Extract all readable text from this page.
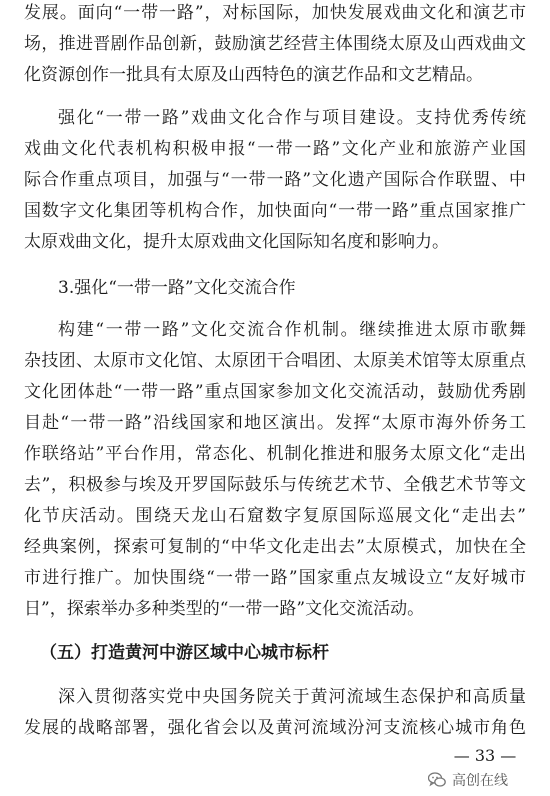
发展。面向“一带一路”，对标国际，加快发展戏曲文化和演艺市
场，推进晋剧作品创新，鼓励演艺经营主体围绕太原及山西戏曲文
化资源创作一批具有太原及山西特色的演艺作品和文艺精品。
强化“一带一路”戏曲文化合作与项目建设。支持优秀传统
戏曲文化代表机构积极申报“一带一路”文化产业和旅游产业国
际合作重点项目，加强与“一带一路”文化遗产国际合作联盟、中
国数字文化集团等机构合作，加快面向“一带一路”重点国家推广
太原戏曲文化，提升太原戏曲文化国际知名度和影响力。
3.强化“一带一路”文化交流合作
构建“一带一路”文化交流合作机制。继续推进太原市歌舞
杂技团、太原市文化馆、太原团干合唱团、太原美术馆等太原重点
文化团体赴“一带一路”重点国家参加文化交流活动，鼓励优秀剧
目赴“一带一路”沿线国家和地区演出。发挥“太原市海外侨务工
作联络站”平台作用，常态化、机制化推进和服务太原文化“走出
去”，积极参与埃及开罗国际鼓乐与传统艺术节、全俄艺术节等文
化节庆活动。围绕天龙山石窟数字复原国际巡展文化“走出去”
经典案例，探索可复制的“中华文化走出去”太原模式，加快在全
市进行推广。加快围绕“一带一路”国家重点友城设立“友好城市
日”，探索举办多种类型的“一带一路”文化交流活动。
（五）打造黄河中游区域中心城市标杆
深入贯彻落实党中央国务院关于黄河流域生态保护和高质量
发展的战略部署，强化省会以及黄河流域汾河支流核心城市角色
— 33 —
高创在线
